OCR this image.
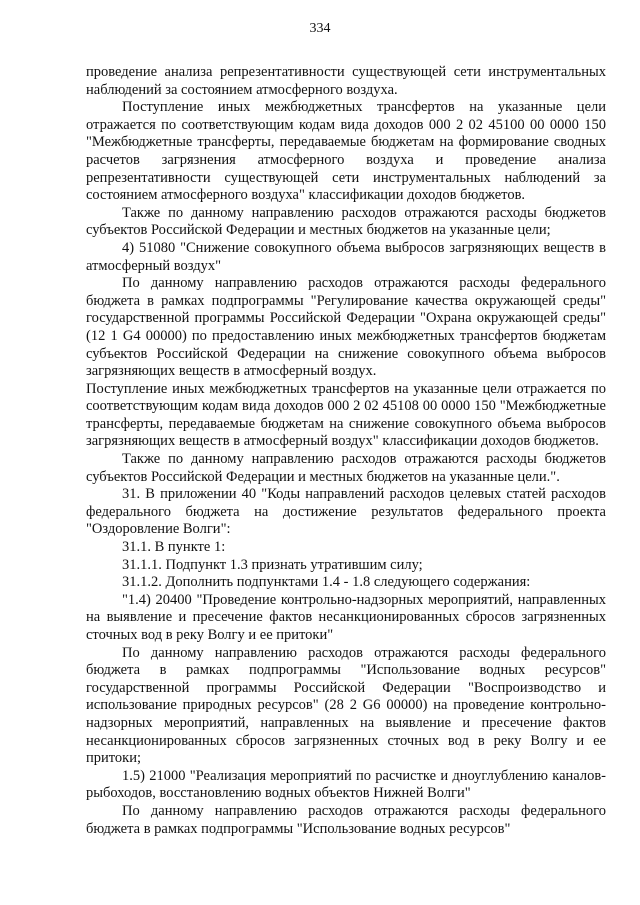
334

проведение анализа репрезентативности существующей сети инструментальных наблюдений за состоянием атмосферного воздуха.

Поступление иных межбюджетных трансфертов на указанные цели отражается по соответствующим кодам вида доходов 000 2 02 45100 00 0000 150 "Межбюджетные трансферты, передаваемые бюджетам на формирование сводных расчетов загрязнения атмосферного воздуха и проведение анализа репрезентативности существующей сети инструментальных наблюдений за состоянием атмосферного воздуха" классификации доходов бюджетов.

Также по данному направлению расходов отражаются расходы бюджетов субъектов Российской Федерации и местных бюджетов на указанные цели;

4) 51080 "Снижение совокупного объема выбросов загрязняющих веществ в атмосферный воздух"

По данному направлению расходов отражаются расходы федерального бюджета в рамках подпрограммы "Регулирование качества окружающей среды" государственной программы Российской Федерации "Охрана окружающей среды" (12 1 G4 00000) по предоставлению иных межбюджетных трансфертов бюджетам субъектов Российской Федерации на снижение совокупного объема выбросов загрязняющих веществ в атмосферный воздух.

Поступление иных межбюджетных трансфертов на указанные цели отражается по соответствующим кодам вида доходов 000 2 02 45108 00 0000 150 "Межбюджетные трансферты, передаваемые бюджетам на снижение совокупного объема выбросов загрязняющих веществ в атмосферный воздух" классификации доходов бюджетов.

Также по данному направлению расходов отражаются расходы бюджетов субъектов Российской Федерации и местных бюджетов на указанные цели.".

31. В приложении 40 "Коды направлений расходов целевых статей расходов федерального бюджета на достижение результатов федерального проекта "Оздоровление Волги":

31.1. В пункте 1:

31.1.1. Подпункт 1.3 признать утратившим силу;

31.1.2. Дополнить подпунктами 1.4 - 1.8 следующего содержания:

"1.4) 20400 "Проведение контрольно-надзорных мероприятий, направленных на выявление и пресечение фактов несанкционированных сбросов загрязненных сточных вод в реку Волгу и ее притоки"

По данному направлению расходов отражаются расходы федерального бюджета в рамках подпрограммы "Использование водных ресурсов" государственной программы Российской Федерации "Воспроизводство и использование природных ресурсов" (28 2 G6 00000) на проведение контрольно-надзорных мероприятий, направленных на выявление и пресечение фактов несанкционированных сбросов загрязненных сточных вод в реку Волгу и ее притоки;

1.5) 21000 "Реализация мероприятий по расчистке и дноуглублению каналов-рыбоходов, восстановлению водных объектов Нижней Волги"

По данному направлению расходов отражаются расходы федерального бюджета в рамках подпрограммы "Использование водных ресурсов"
